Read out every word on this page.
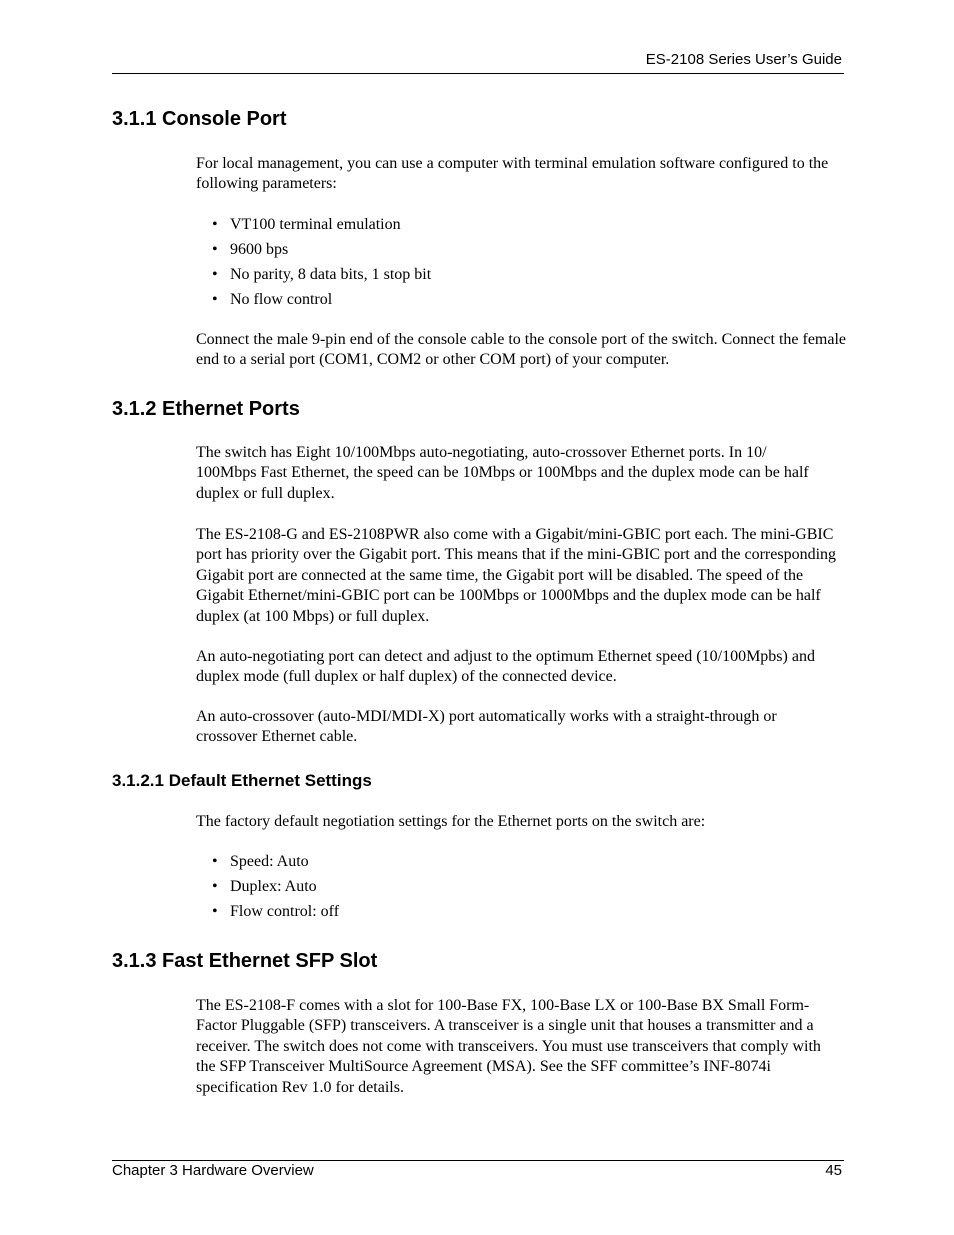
ES-2108 Series User’s Guide
3.1.1 Console Port

For local management, you can use a computer with terminal emulation software configured to the following parameters:

• VT100 terminal emulation
• 9600 bps
• No parity, 8 data bits, 1 stop bit
• No flow control

Connect the male 9-pin end of the console cable to the console port of the switch. Connect the female end to a serial port (COM1, COM2 or other COM port) of your computer.

3.1.2 Ethernet Ports

The switch has Eight 10/100Mbps auto-negotiating, auto-crossover Ethernet ports. In 10/ 100Mbps Fast Ethernet, the speed can be 10Mbps or 100Mbps and the duplex mode can be half duplex or full duplex.

The ES-2108-G and ES-2108PWR also come with a Gigabit/mini-GBIC port each. The mini-GBIC port has priority over the Gigabit port. This means that if the mini-GBIC port and the corresponding Gigabit port are connected at the same time, the Gigabit port will be disabled. The speed of the Gigabit Ethernet/mini-GBIC port can be 100Mbps or 1000Mbps and the duplex mode can be half duplex (at 100 Mbps) or full duplex.

An auto-negotiating port can detect and adjust to the optimum Ethernet speed (10/100Mpbs) and duplex mode (full duplex or half duplex) of the connected device.

An auto-crossover (auto-MDI/MDI-X) port automatically works with a straight-through or crossover Ethernet cable.

3.1.2.1 Default Ethernet Settings

The factory default negotiation settings for the Ethernet ports on the switch are:

• Speed: Auto
• Duplex: Auto
• Flow control: off
3.1.3 Fast Ethernet SFP Slot

The ES-2108-F comes with a slot for 100-Base FX, 100-Base LX or 100-Base BX Small Form-Factor Pluggable (SFP) transceivers. A transceiver is a single unit that houses a transmitter and a receiver. The switch does not come with transceivers. You must use transceivers that comply with the SFP Transceiver MultiSource Agreement (MSA). See the SFF committee’s INF-8074i specification Rev 1.0 for details.

Chapter 3 Hardware Overview	45
